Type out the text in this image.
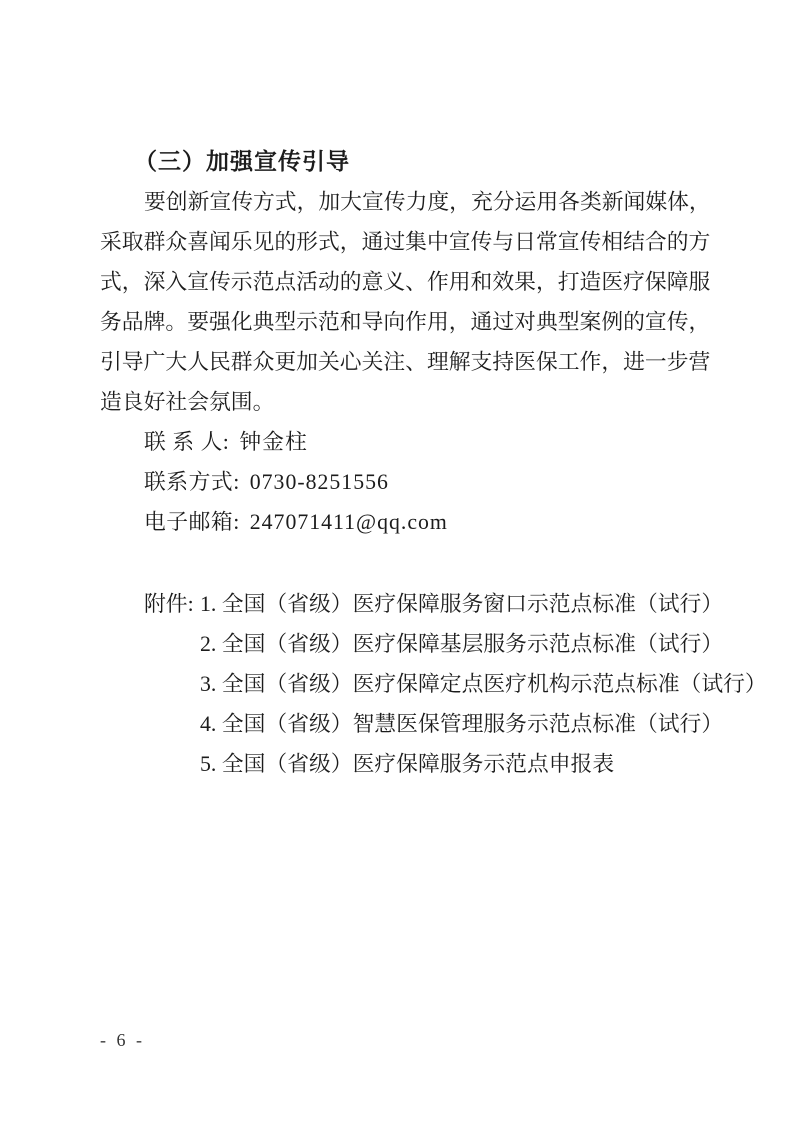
（三）加强宣传引导
要创新宣传方式，加大宣传力度，充分运用各类新闻媒体，
采取群众喜闻乐见的形式，通过集中宣传与日常宣传相结合的方
式，深入宣传示范点活动的意义、作用和效果，打造医疗保障服
务品牌。要强化典型示范和导向作用，通过对典型案例的宣传，
引导广大人民群众更加关心关注、理解支持医保工作，进一步营
造良好社会氛围。
联 系 人: 钟金柱
联系方式: 0730-8251556
电子邮箱: 247071411@qq.com
附件: 1. 全国（省级）医疗保障服务窗口示范点标准（试行）
2. 全国（省级）医疗保障基层服务示范点标准（试行）
3. 全国（省级）医疗保障定点医疗机构示范点标准（试行）
4. 全国（省级）智慧医保管理服务示范点标准（试行）
5. 全国（省级）医疗保障服务示范点申报表
- 6 -
